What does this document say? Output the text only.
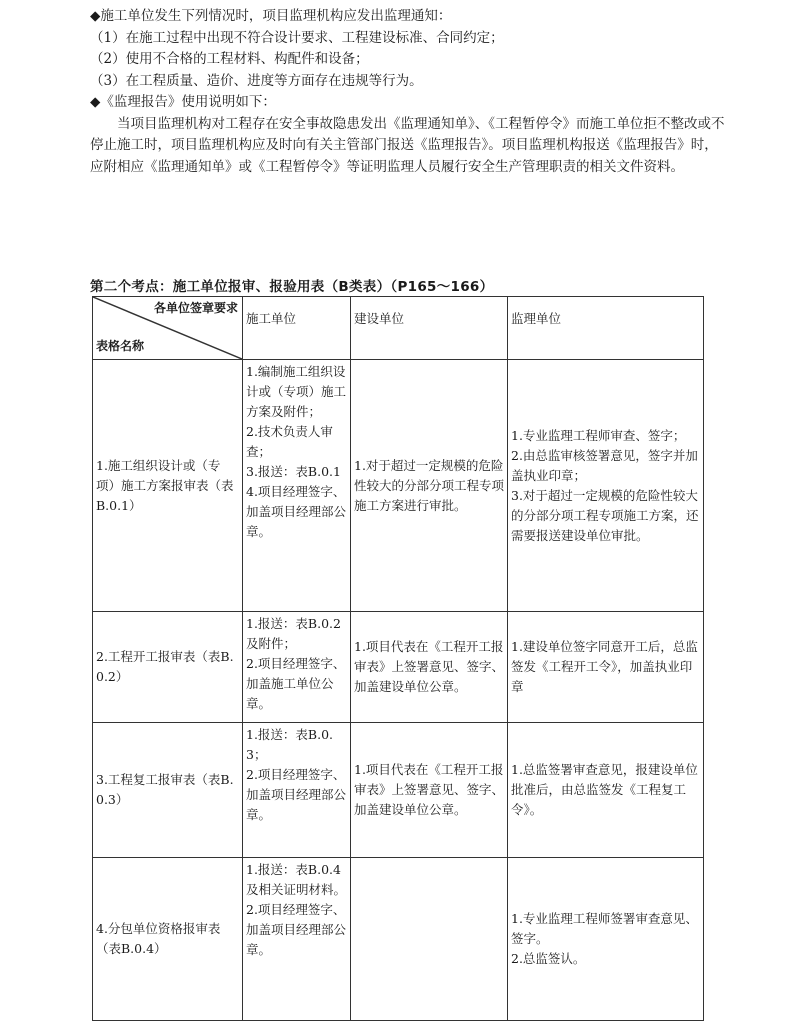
◆施工单位发生下列情况时，项目监理机构应发出监理通知：

（1）在施工过程中出现不符合设计要求、工程建设标准、合同约定；

（2）使用不合格的工程材料、构配件和设备；

（3）在工程质量、造价、进度等方面存在违规等行为。

◆《监理报告》使用说明如下：

当项目监理机构对工程存在安全事故隐患发出《监理通知单》、《工程暂停令》而施工单位拒不整改或不停止施工时，项目监理机构应及时向有关主管部门报送《监理报告》。项目监理机构报送《监理报告》时，应附相应《监理通知单》或《工程暂停令》等证明监理人员履行安全生产管理职责的相关文件资料。

第二个考点：施工单位报审、报验用表（B类表）（P165～166）
各单位签章要求
表格名称	施工单位	建设单位	监理单位
1.施工组织设计或（专项）施工方案报审表（表B.0.1）	1.编制施工组织设计或（专项）施工方案及附件；
2.技术负责人审查；
3.报送：表B.0.1
4.项目经理签字、加盖项目经理部公章。	1.对于超过一定规模的危险性较大的分部分项工程专项施工方案进行审批。	1.专业监理工程师审查、签字；
2.由总监审核签署意见，签字并加盖执业印章；
3.对于超过一定规模的危险性较大的分部分项工程专项施工方案，还需要报送建设单位审批。
2.工程开工报审表（表B.0.2）	1.报送：表B.0.2及附件；
2.项目经理签字、加盖施工单位公章。	1.项目代表在《工程开工报审表》上签署意见、签字、加盖建设单位公章。	1.建设单位签字同意开工后，总监签发《工程开工令》，加盖执业印章
3.工程复工报审表（表B.0.3）	1.报送：表B.0.3；
2.项目经理签字、加盖项目经理部公章。	1.项目代表在《工程开工报审表》上签署意见、签字、加盖建设单位公章。	1.总监签署审查意见，报建设单位批准后，由总监签发《工程复工令》。
4.分包单位资格报审表（表B.0.4）	1.报送：表B.0.4及相关证明材料。
2.项目经理签字、加盖项目经理部公章。		1.专业监理工程师签署审查意见、签字。
2.总监签认。
